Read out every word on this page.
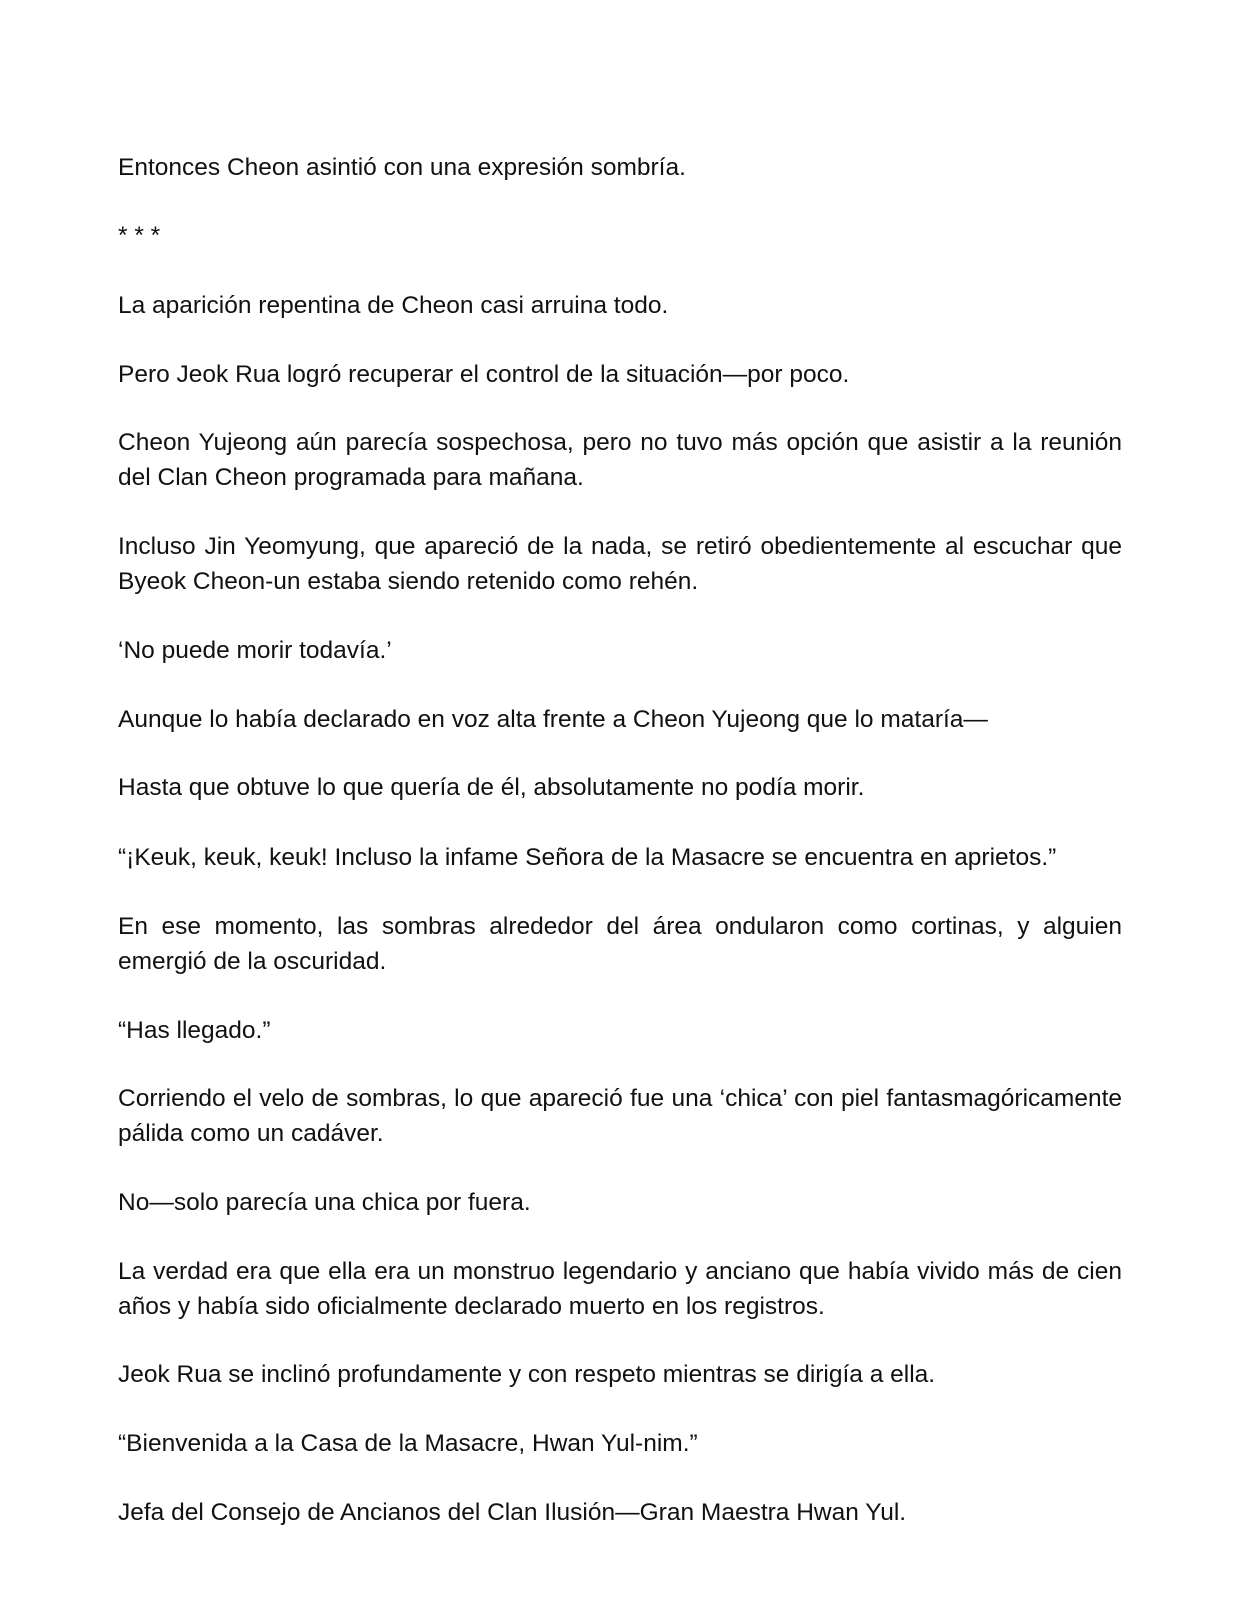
Entonces Cheon asintió con una expresión sombría.

* * *

La aparición repentina de Cheon casi arruina todo.

Pero Jeok Rua logró recuperar el control de la situación—por poco.

Cheon Yujeong aún parecía sospechosa, pero no tuvo más opción que asistir a la reunión del Clan Cheon programada para mañana.

Incluso Jin Yeomyung, que apareció de la nada, se retiró obedientemente al escuchar que Byeok Cheon-un estaba siendo retenido como rehén.

‘No puede morir todavía.’

Aunque lo había declarado en voz alta frente a Cheon Yujeong que lo mataría—

Hasta que obtuve lo que quería de él, absolutamente no podía morir.

“¡Keuk, keuk, keuk! Incluso la infame Señora de la Masacre se encuentra en aprietos.”

En ese momento, las sombras alrededor del área ondularon como cortinas, y alguien emergió de la oscuridad.

“Has llegado.”

Corriendo el velo de sombras, lo que apareció fue una ‘chica’ con piel fantasmagóricamente pálida como un cadáver.

No—solo parecía una chica por fuera.

La verdad era que ella era un monstruo legendario y anciano que había vivido más de cien años y había sido oficialmente declarado muerto en los registros.

Jeok Rua se inclinó profundamente y con respeto mientras se dirigía a ella.

“Bienvenida a la Casa de la Masacre, Hwan Yul-nim.”

Jefa del Consejo de Ancianos del Clan Ilusión—Gran Maestra Hwan Yul.
